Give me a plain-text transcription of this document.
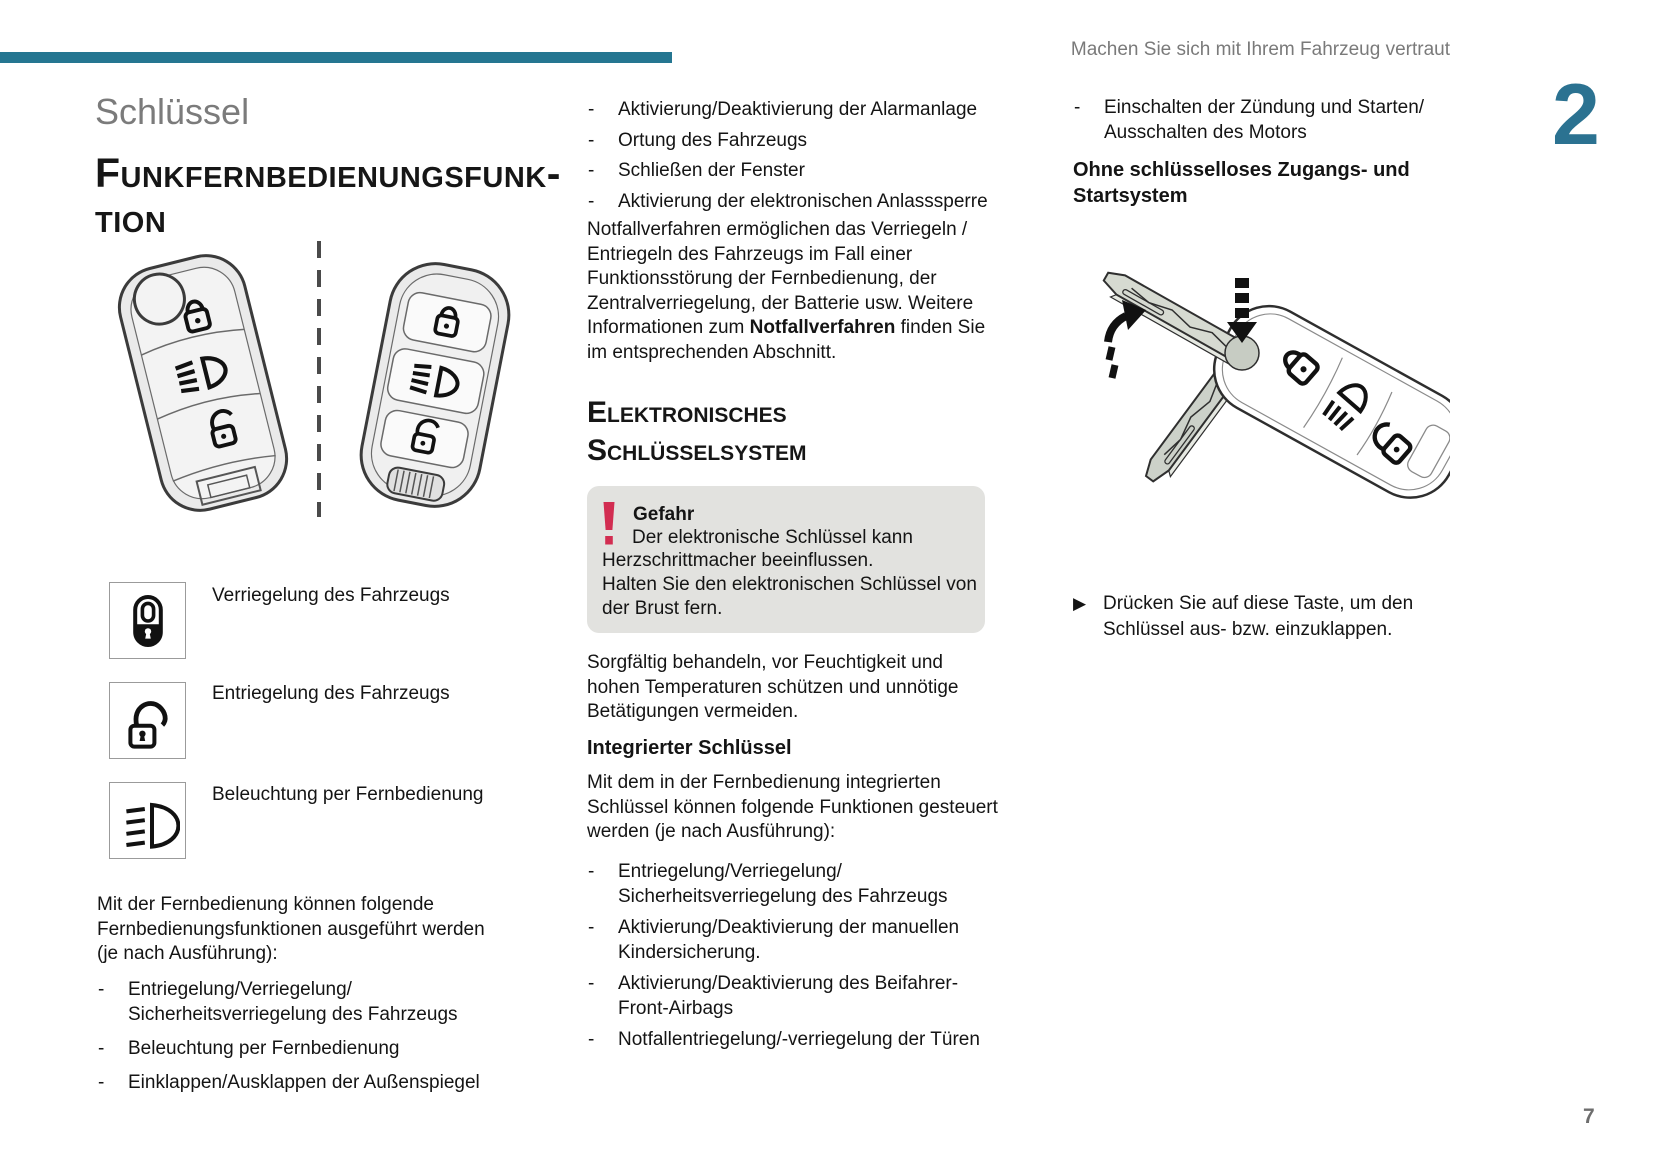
Machen Sie sich mit Ihrem Fahrzeug vertraut
2
7
Schlüssel
Funkfernbedienungsfunk-
tion
Verriegelung des Fahrzeugs
Entriegelung des Fahrzeugs
Beleuchtung per Fernbedienung
Mit der Fernbedienung können folgende
Fernbedienungsfunktionen ausgeführt werden
(je nach Ausführung):
- Entriegelung/Verriegelung/
Sicherheitsverriegelung des Fahrzeugs
- Beleuchtung per Fernbedienung
- Einklappen/Ausklappen der Außenspiegel
- Aktivierung/Deaktivierung der Alarmanlage
- Ortung des Fahrzeugs
- Schließen der Fenster
- Aktivierung der elektronischen Anlasssperre
Notfallverfahren ermöglichen das Verriegeln /
Entriegeln des Fahrzeugs im Fall einer
Funktionsstörung der Fernbedienung, der
Zentralverriegelung, der Batterie usw. Weitere
Informationen zum Notfallverfahren finden Sie
im entsprechenden Abschnitt.
Elektronisches
Schlüsselsystem
Gefahr
Der elektronische Schlüssel kann
Herzschrittmacher beeinflussen.
Halten Sie den elektronischen Schlüssel von
der Brust fern.
Sorgfältig behandeln, vor Feuchtigkeit und
hohen Temperaturen schützen und unnötige
Betätigungen vermeiden.
Integrierter Schlüssel
Mit dem in der Fernbedienung integrierten
Schlüssel können folgende Funktionen gesteuert
werden (je nach Ausführung):
- Entriegelung/Verriegelung/
Sicherheitsverriegelung des Fahrzeugs
- Aktivierung/Deaktivierung der manuellen
Kindersicherung.
- Aktivierung/Deaktivierung des Beifahrer-
Front-Airbags
- Notfallentriegelung/-verriegelung der Türen
- Einschalten der Zündung und Starten/
Ausschalten des Motors
Ohne schlüsselloses Zugangs- und
Startsystem
▶ Drücken Sie auf diese Taste, um den
Schlüssel aus- bzw. einzuklappen.
